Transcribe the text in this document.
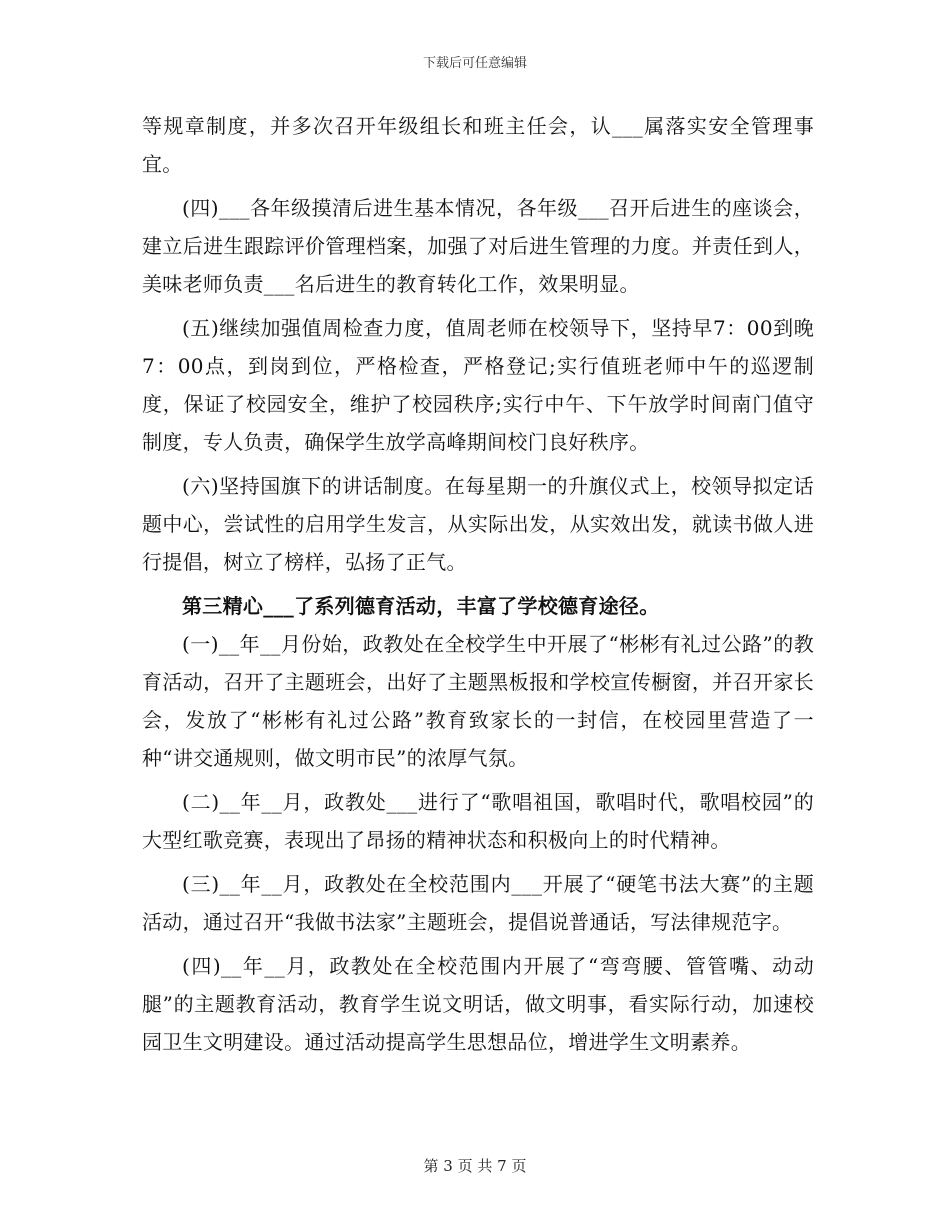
下载后可任意编辑

等规章制度，并多次召开年级组长和班主任会，认___属落实安全管理事宜。

(四)___各年级摸清后进生基本情况，各年级___召开后进生的座谈会，建立后进生跟踪评价管理档案，加强了对后进生管理的力度。并责任到人，美味老师负责___名后进生的教育转化工作，效果明显。

(五)继续加强值周检查力度，值周老师在校领导下，坚持早7：00到晚7：00点，到岗到位，严格检查，严格登记;实行值班老师中午的巡逻制度，保证了校园安全，维护了校园秩序;实行中午、下午放学时间南门值守制度，专人负责，确保学生放学高峰期间校门良好秩序。

(六)坚持国旗下的讲话制度。在每星期一的升旗仪式上，校领导拟定话题中心，尝试性的启用学生发言，从实际出发，从实效出发，就读书做人进行提倡，树立了榜样，弘扬了正气。

第三精心___了系列德育活动，丰富了学校德育途径。

(一)__年__月份始，政教处在全校学生中开展了“彬彬有礼过公路”的教育活动，召开了主题班会，出好了主题黑板报和学校宣传橱窗，并召开家长会，发放了“彬彬有礼过公路”教育致家长的一封信，在校园里营造了一种“讲交通规则，做文明市民”的浓厚气氛。

(二)__年__月，政教处___进行了“歌唱祖国，歌唱时代，歌唱校园”的大型红歌竞赛，表现出了昂扬的精神状态和积极向上的时代精神。

(三)__年__月，政教处在全校范围内___开展了“硬笔书法大赛”的主题活动，通过召开“我做书法家”主题班会，提倡说普通话，写法律规范字。

(四)__年__月，政教处在全校范围内开展了“弯弯腰、管管嘴、动动腿”的主题教育活动，教育学生说文明话，做文明事，看实际行动，加速校园卫生文明建设。通过活动提高学生思想品位，增进学生文明素养。

第 3 页 共 7 页
